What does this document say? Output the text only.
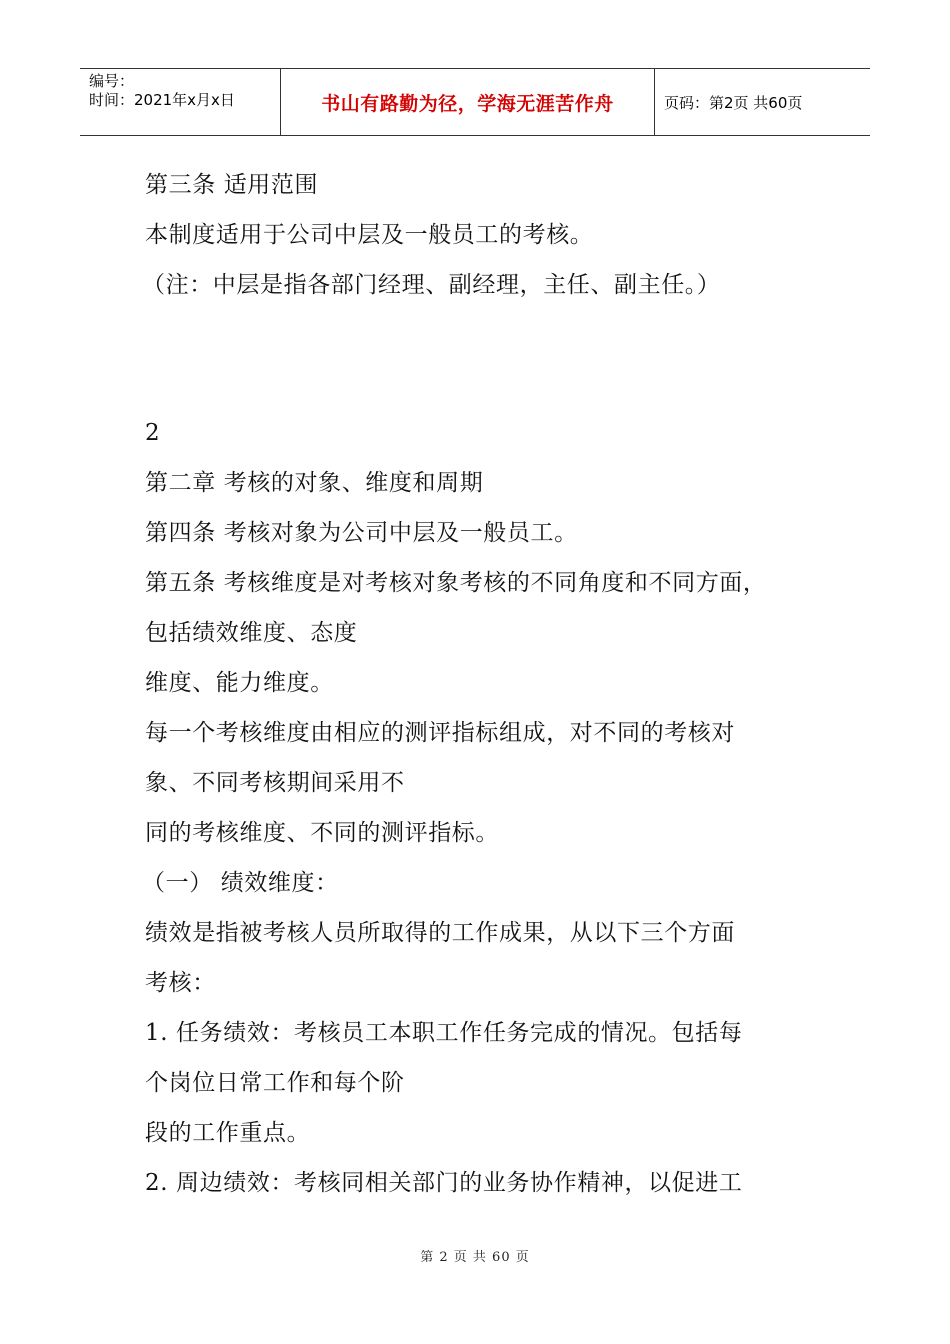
编号：
时间：2021年x月x日	书山有路勤为径，学海无涯苦作舟	页码：第2页 共60页
第三条 适用范围
本制度适用于公司中层及一般员工的考核。
（注：中层是指各部门经理、副经理，主任、副主任。）
2
第二章 考核的对象、维度和周期
第四条 考核对象为公司中层及一般员工。
第五条 考核维度是对考核对象考核的不同角度和不同方面，
包括绩效维度、态度
维度、能力维度。
每一个考核维度由相应的测评指标组成，对不同的考核对
象、不同考核期间采用不
同的考核维度、不同的测评指标。
（一） 绩效维度：
绩效是指被考核人员所取得的工作成果，从以下三个方面
考核：
1. 任务绩效：考核员工本职工作任务完成的情况。包括每
个岗位日常工作和每个阶
段的工作重点。
2. 周边绩效：考核同相关部门的业务协作精神，以促进工
第 2 页 共 60 页
